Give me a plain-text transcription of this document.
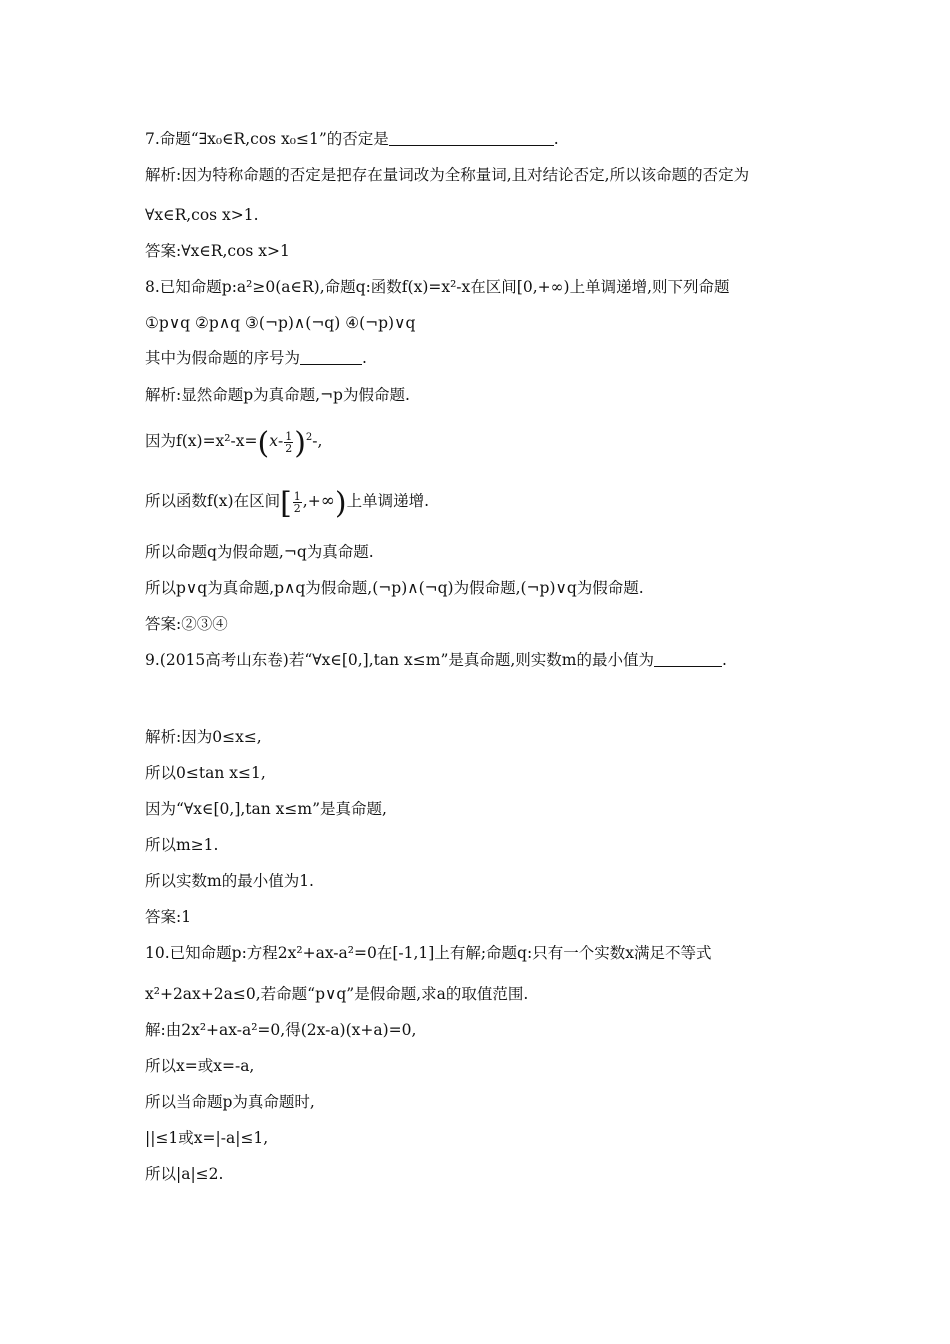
7.命题“∃x₀∈R,cos x₀≤1”的否定是	.
解析:因为特称命题的否定是把存在量词改为全称量词,且对结论否定,所以该命题的否定为
∀x∈R,cos x>1.
答案:∀x∈R,cos x>1
8.已知命题p:a²≥0(a∈R),命题q:函数f(x)=x²-x在区间[0,+∞)上单调递增,则下列命题
①p∨q ②p∧q ③(¬p)∧(¬q) ④(¬p)∨q
其中为假命题的序号为	.
解析:显然命题p为真命题,¬p为假命题.
因为$f(x)=x^2-x=(x- \frac{1}{2} )^2-$,
所以函数f(x)在区间[ $\frac{1}{2}$ ,+∞)上单调递增.
所以命题q为假命题,¬q为真命题.
所以p∨q为真命题,p∧q为假命题,(¬p)∧(¬q)为假命题,(¬p)∨q为假命题.
答案:②③④
9.(2015高考山东卷)若“∀x∈[0,],tan x≤m”是真命题,则实数m的最小值为	.
解析:因为0≤x≤,
所以0≤tan x≤1,
因为“∀x∈[0,],tan x≤m”是真命题,
所以m≥1.
所以实数m的最小值为1.
答案:1
10.已知命题p:方程2x²+ax-a²=0在[-1,1]上有解;命题q:只有一个实数x满足不等式
x²+2ax+2a≤0,若命题“p∨q”是假命题,求a的取值范围.
解:由2x²+ax-a²=0,得(2x-a)(x+a)=0,
所以x=或x=-a,
所以当命题p为真命题时,
||≤1或x=|-a|≤1,
所以|a|≤2.
